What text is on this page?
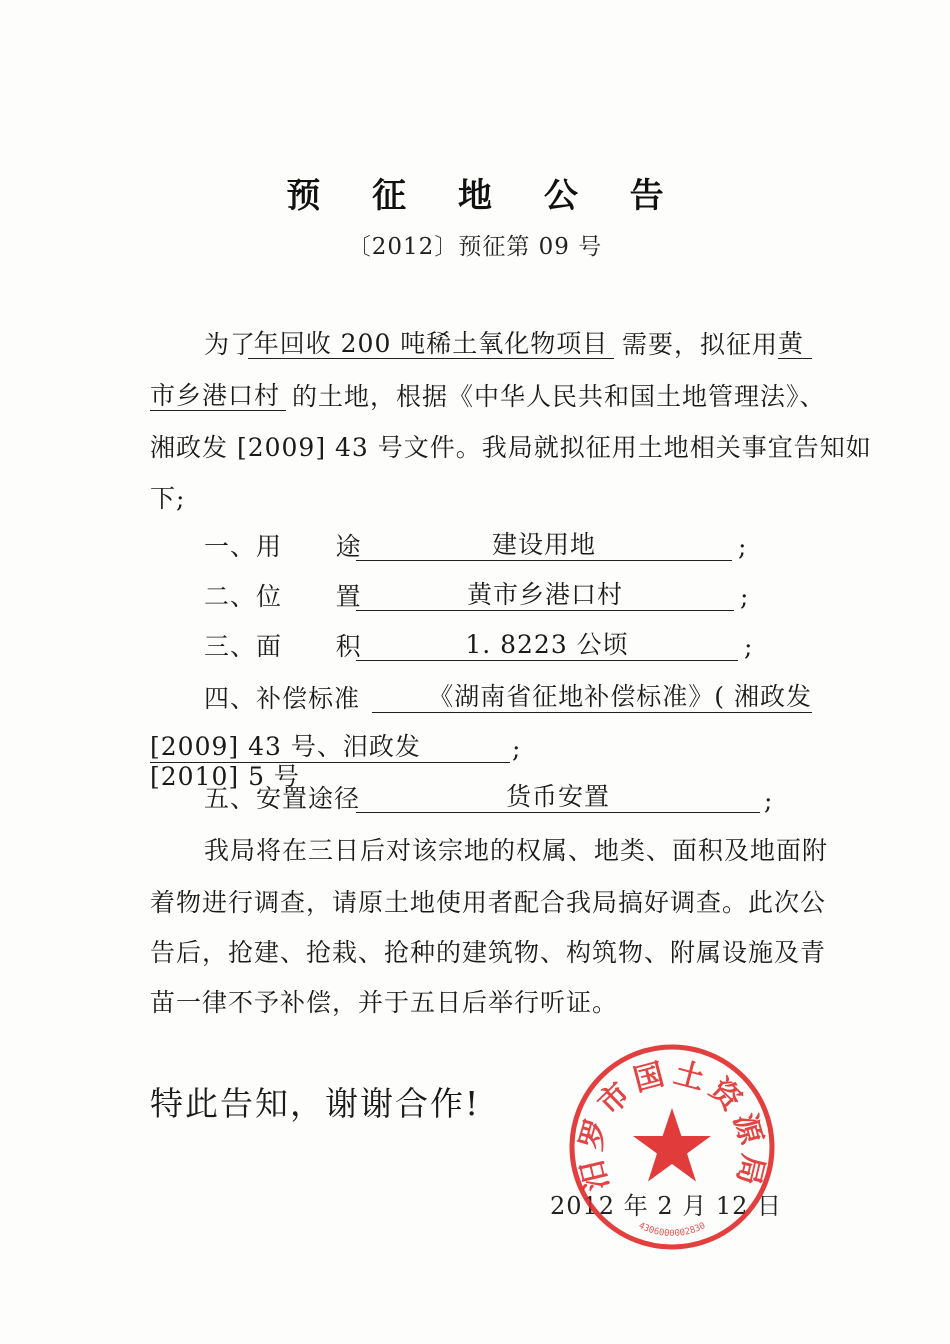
预 征 地 公 告
〔2012〕预征第 09 号
为了
年回收 200 吨稀土氧化物项目 需要，拟征用 黄
市乡港口村 的土地，根据《中华人民共和国土地管理法》、
湘政发 [2009] 43 号文件。我局就拟征用土地相关事宜告知如
下;
一、用      途	建设用地	;
二、位      置	黄市乡港口村	;
三、面      积	1. 8223 公顷	;
四、补偿标准	《湖南省征地补偿标准》( 湘政发
[2009] 43 号、汨政发 [2010] 5 号
;
五、安置途径	货币安置	;
我局将在三日后对该宗地的权属、地类、面积及地面附
着物进行调查，请原土地使用者配合我局搞好调查。此次公
告后，抢建、抢栽、抢种的建筑物、构筑物、附属设施及青
苗一律不予补偿，并于五日后举行听证。
特此告知，谢谢合作!
2012 年 2 月 12 日
汨罗市国土资源局
4306000002830
